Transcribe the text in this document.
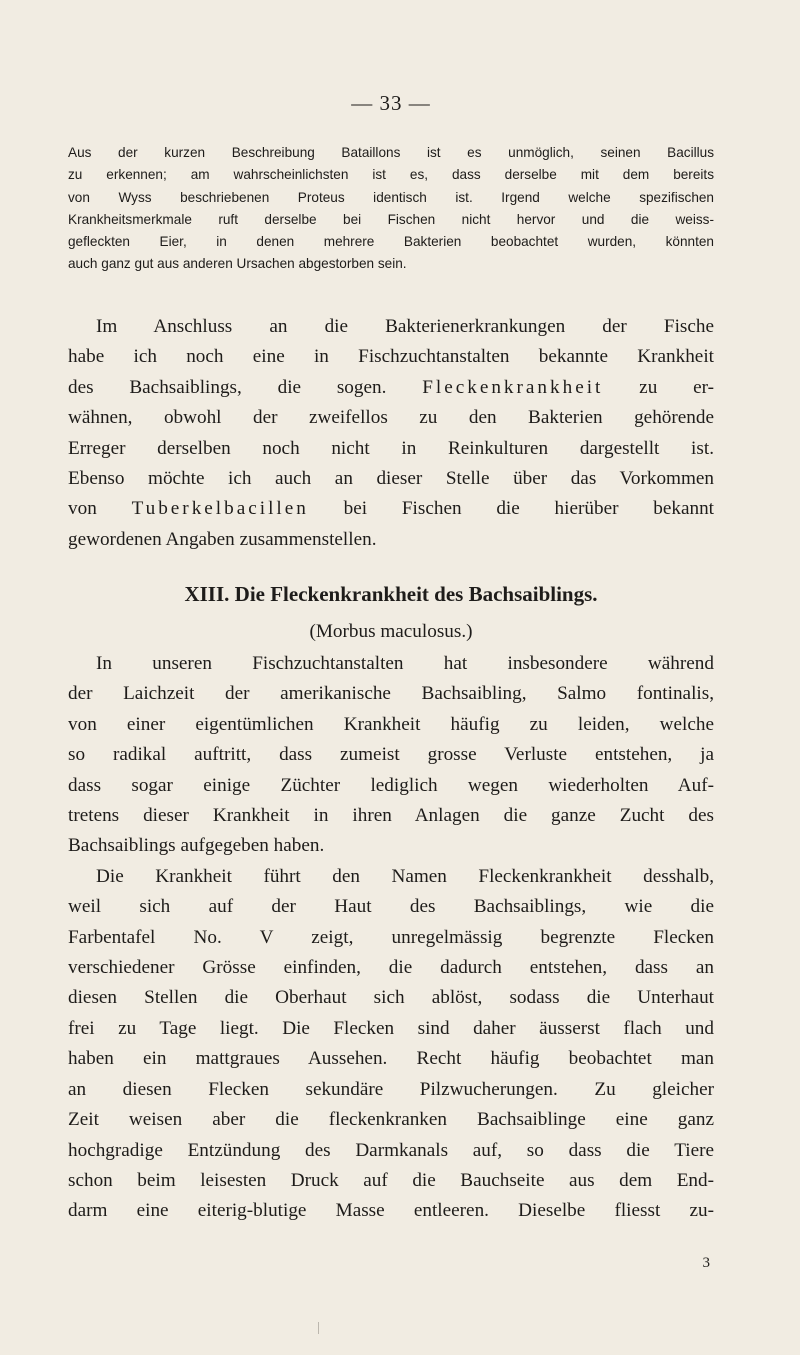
— 33 —

Aus der kurzen Beschreibung Bataillons ist es unmöglich, seinen Bacillus
zu erkennen; am wahrscheinlichsten ist es, dass derselbe mit dem bereits
von Wyss beschriebenen Proteus identisch ist. Irgend welche spezifischen
Krankheitsmerkmale ruft derselbe bei Fischen nicht hervor und die weiss-
gefleckten Eier, in denen mehrere Bakterien beobachtet wurden, könnten
auch ganz gut aus anderen Ursachen abgestorben sein.

Im Anschluss an die Bakterienerkrankungen der Fische
habe ich noch eine in Fischzuchtanstalten bekannte Krankheit
des Bachsaiblings, die sogen. Fleckenkrankheit zu er-
wähnen, obwohl der zweifellos zu den Bakterien gehörende
Erreger derselben noch nicht in Reinkulturen dargestellt ist.
Ebenso möchte ich auch an dieser Stelle über das Vorkommen
von Tuberkelbacillen bei Fischen die hierüber bekannt
gewordenen Angaben zusammenstellen.

XIII. Die Fleckenkrankheit des Bachsaiblings.
(Morbus maculosus.)

In unseren Fischzuchtanstalten hat insbesondere während
der Laichzeit der amerikanische Bachsaibling, Salmo fontinalis,
von einer eigentümlichen Krankheit häufig zu leiden, welche
so radikal auftritt, dass zumeist grosse Verluste entstehen, ja
dass sogar einige Züchter lediglich wegen wiederholten Auf-
tretens dieser Krankheit in ihren Anlagen die ganze Zucht des
Bachsaiblings aufgegeben haben.
Die Krankheit führt den Namen Fleckenkrankheit desshalb,
weil sich auf der Haut des Bachsaiblings, wie die
Farbentafel No. V zeigt, unregelmässig begrenzte Flecken
verschiedener Grösse einfinden, die dadurch entstehen, dass an
diesen Stellen die Oberhaut sich ablöst, sodass die Unterhaut
frei zu Tage liegt. Die Flecken sind daher äusserst flach und
haben ein mattgraues Aussehen. Recht häufig beobachtet man
an diesen Flecken sekundäre Pilzwucherungen. Zu gleicher
Zeit weisen aber die fleckenkranken Bachsaiblinge eine ganz
hochgradige Entzündung des Darmkanals auf, so dass die Tiere
schon beim leisesten Druck auf die Bauchseite aus dem End-
darm eine eiterig-blutige Masse entleeren. Dieselbe fliesst zu-

3
